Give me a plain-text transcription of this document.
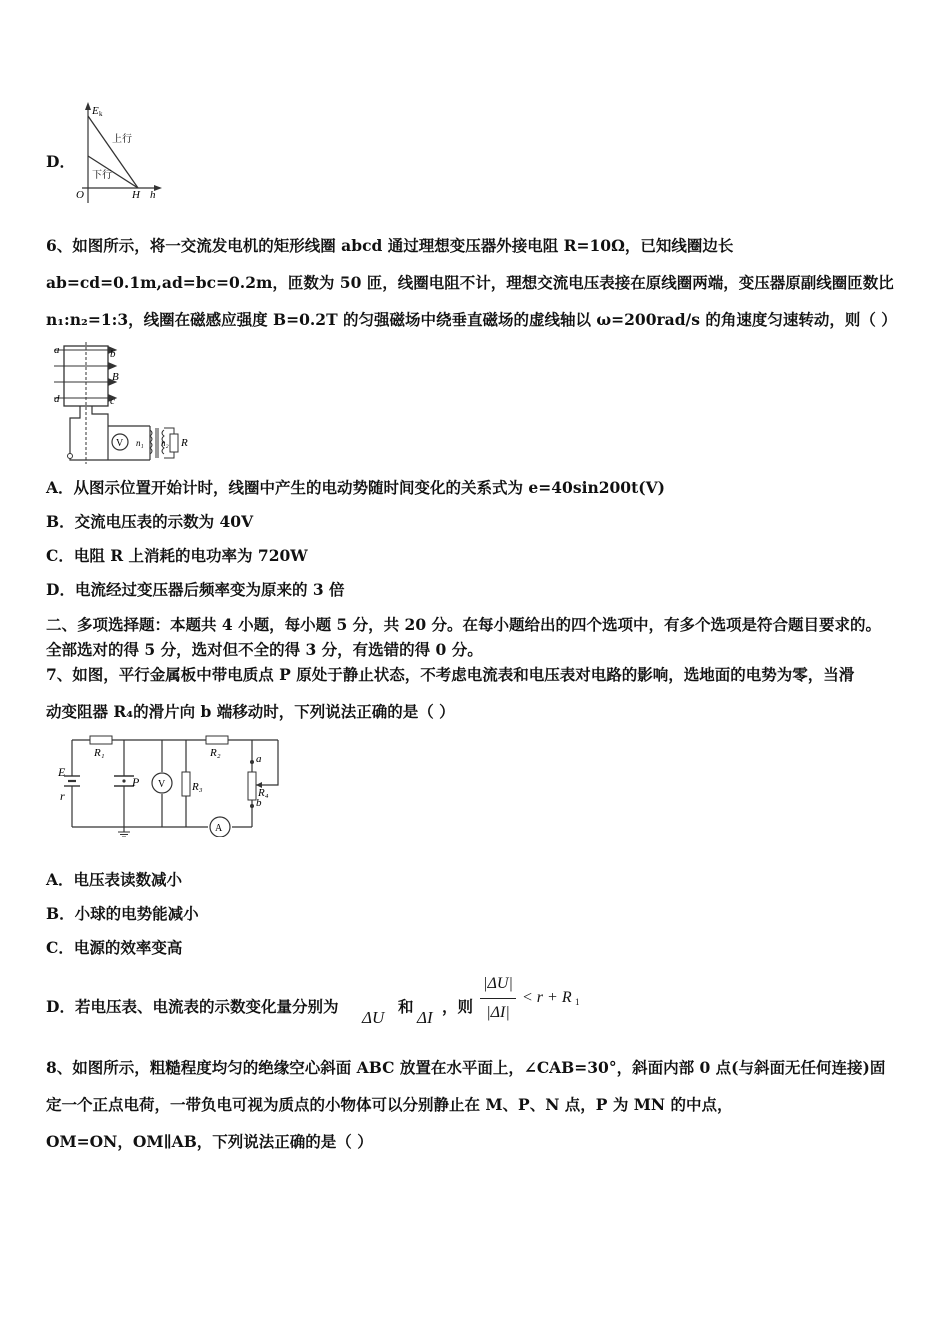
D．
E k
上行
下行
O	H h
6、如图所示，将一交流发电机的矩形线圈 abcd 通过理想变压器外接电阻 R=10Ω，已知线圈边长
ab=cd=0.1m,ad=bc=0.2m，匝数为 50 匝，线圈电阻不计，理想交流电压表接在原线圈两端，变压器原副线圈匝数比
n₁:n₂=1:3，线圈在磁感应强度 B=0.2T 的匀强磁场中绕垂直磁场的虚线轴以 ω=200rad/s 的角速度匀速转动，则（ ）
a	b
B
c
d
V n₁ n₂ R
A．从图示位置开始计时，线圈中产生的电动势随时间变化的关系式为 e=40sin200t(V)
B．交流电压表的示数为 40V
C．电阻 R 上消耗的电功率为 720W
D．电流经过变压器后频率变为原来的 3 倍
二、多项选择题：本题共 4 小题，每小题 5 分，共 20 分。在每小题给出的四个选项中，有多个选项是符合题目要求的。
全部选对的得 5 分，选对但不全的得 3 分，有选错的得 0 分。
7、如图，平行金属板中带电质点 P 原处于静止状态，不考虑电流表和电压表对电路的影响，选地面的电势为零，当滑
动变阻器 R₄的滑片向 b 端移动时，下列说法正确的是（ ）
R₁	R₂
R₃	R₄
E
r
P V
A
a
b
A．电压表读数减小
B．小球的电势能减小
C．电源的效率变高
D．若电压表、电流表的示数变化量分别为
ΔU
和
ΔI
，则
|ΔU|
|ΔI|
< r + R 1
8、如图所示，粗糙程度均匀的绝缘空心斜面 ABC 放置在水平面上，∠CAB=30°，斜面内部 0 点(与斜面无任何连接)固
定一个正点电荷，一带负电可视为质点的小物体可以分别静止在 M、P、N 点，P 为 MN 的中点，
OM=ON，OM∥AB，下列说法正确的是（ ）
